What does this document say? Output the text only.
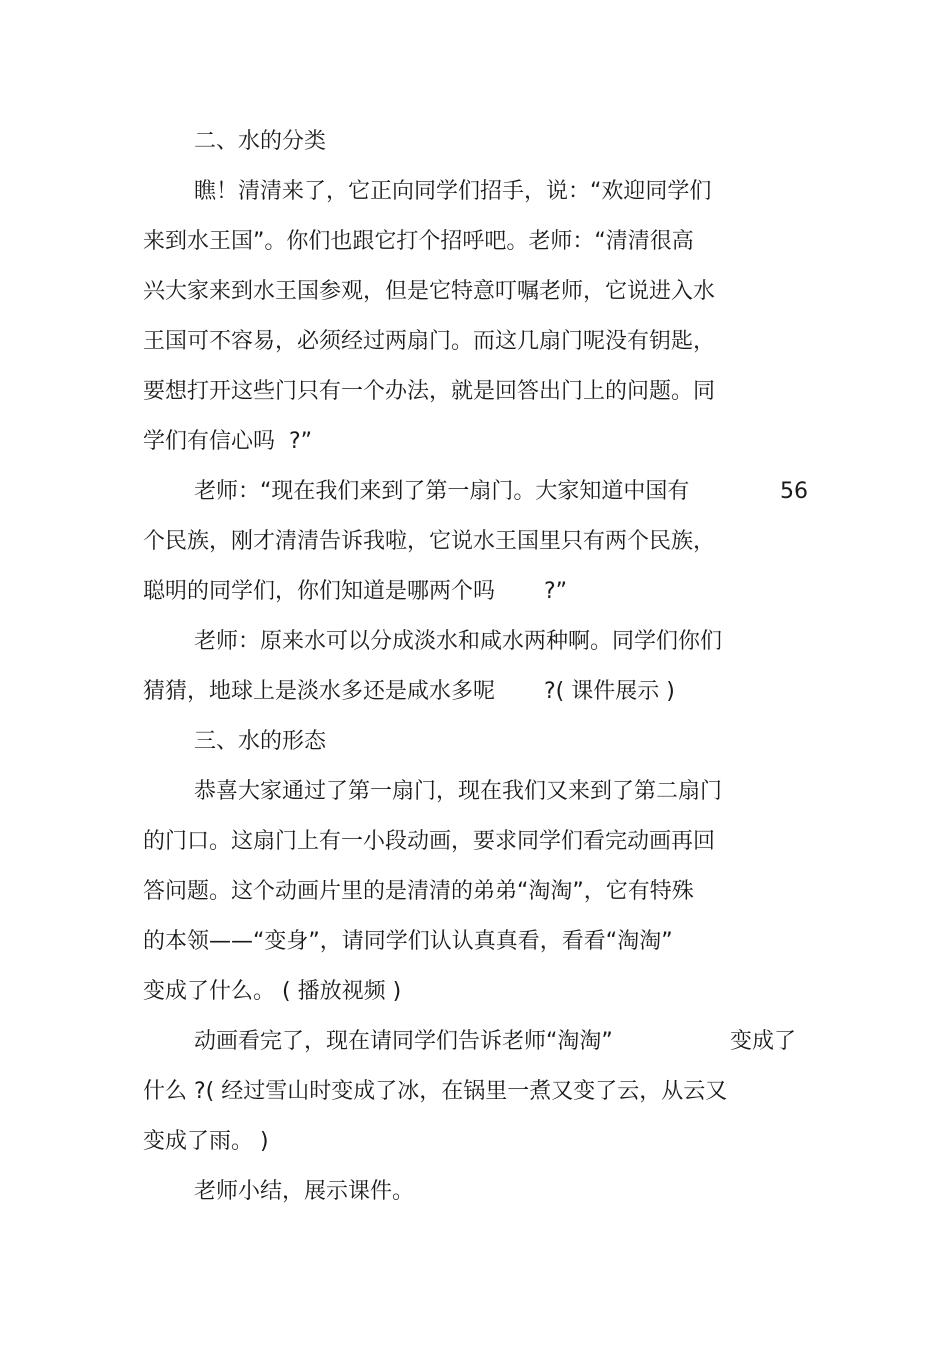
二、水的分类
瞧！清清来了，它正向同学们招手，说：“欢迎同学们
来到水王国”。你们也跟它打个招呼吧。老师：“清清很高
兴大家来到水王国参观，但是它特意叮嘱老师，它说进入水
王国可不容易，必须经过两扇门。而这几扇门呢没有钥匙，
要想打开这些门只有一个办法，就是回答出门上的问题。同
学们有信心吗  ?”
老师：“现在我们来到了第一扇门。大家知道中国有	56
个民族，刚才清清告诉我啦，它说水王国里只有两个民族，
聪明的同学们，你们知道是哪两个吗       ?”
老师：原来水可以分成淡水和咸水两种啊。同学们你们
猜猜，地球上是淡水多还是咸水多呢       ?( 课件展示 )
三、水的形态
恭喜大家通过了第一扇门，现在我们又来到了第二扇门
的门口。这扇门上有一小段动画，要求同学们看完动画再回
答问题。这个动画片里的是清清的弟弟“淘淘”，它有特殊
的本领——“变身”，请同学们认认真真看，看看“淘淘”
变成了什么。 ( 播放视频 )
动画看完了，现在请同学们告诉老师“淘淘”	变成了
什么 ?( 经过雪山时变成了冰，在锅里一煮又变了云，从云又
变成了雨。 )
老师小结，展示课件。
